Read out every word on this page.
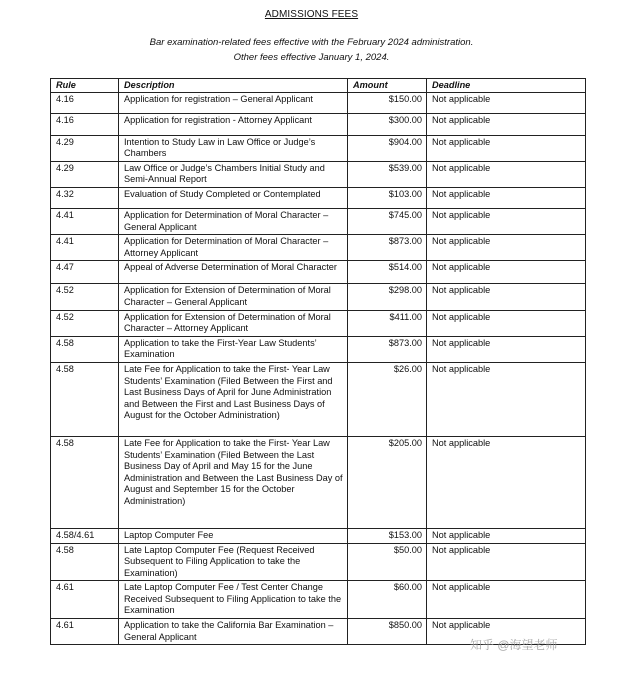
ADMISSIONS FEES
Bar examination-related fees effective with the February 2024 administration.
Other fees effective January 1, 2024.
Rule	Description	Amount	Deadline
4.16	Application for registration – General Applicant	$150.00	Not applicable
4.16	Application for registration - Attorney Applicant	$300.00	Not applicable
4.29	Intention to Study Law in Law Office or Judge’s Chambers	$904.00	Not applicable
4.29	Law Office or Judge’s Chambers Initial Study and Semi-Annual Report	$539.00	Not applicable
4.32	Evaluation of Study Completed or Contemplated	$103.00	Not applicable
4.41	Application for Determination of Moral Character – General Applicant	$745.00	Not applicable
4.41	Application for Determination of Moral Character – Attorney Applicant	$873.00	Not applicable
4.47	Appeal of Adverse Determination of Moral Character	$514.00	Not applicable
4.52	Application for Extension of Determination of Moral Character – General Applicant	$298.00	Not applicable
4.52	Application for Extension of Determination of Moral Character – Attorney Applicant	$411.00	Not applicable
4.58	Application to take the First-Year Law Students’ Examination	$873.00	Not applicable
4.58	Late Fee for Application to take the First- Year Law Students’ Examination (Filed Between the First and Last Business Days of April for June Administration and Between the First and Last Business Days of August for the October Administration)	$26.00	Not applicable
4.58	Late Fee for Application to take the First- Year Law Students’ Examination (Filed Between the Last Business Day of April and May 15 for the June Administration and Between the Last Business Day of August and September 15 for the October Administration)	$205.00	Not applicable
4.58/4.61	Laptop Computer Fee	$153.00	Not applicable
4.58	Late Laptop Computer Fee (Request Received Subsequent to Filing Application to take the Examination)	$50.00	Not applicable
4.61	Late Laptop Computer Fee / Test Center Change Received Subsequent to Filing Application to take the Examination	$60.00	Not applicable
4.61	Application to take the California Bar Examination – General Applicant	$850.00	Not applicable
知乎 @海望老师
